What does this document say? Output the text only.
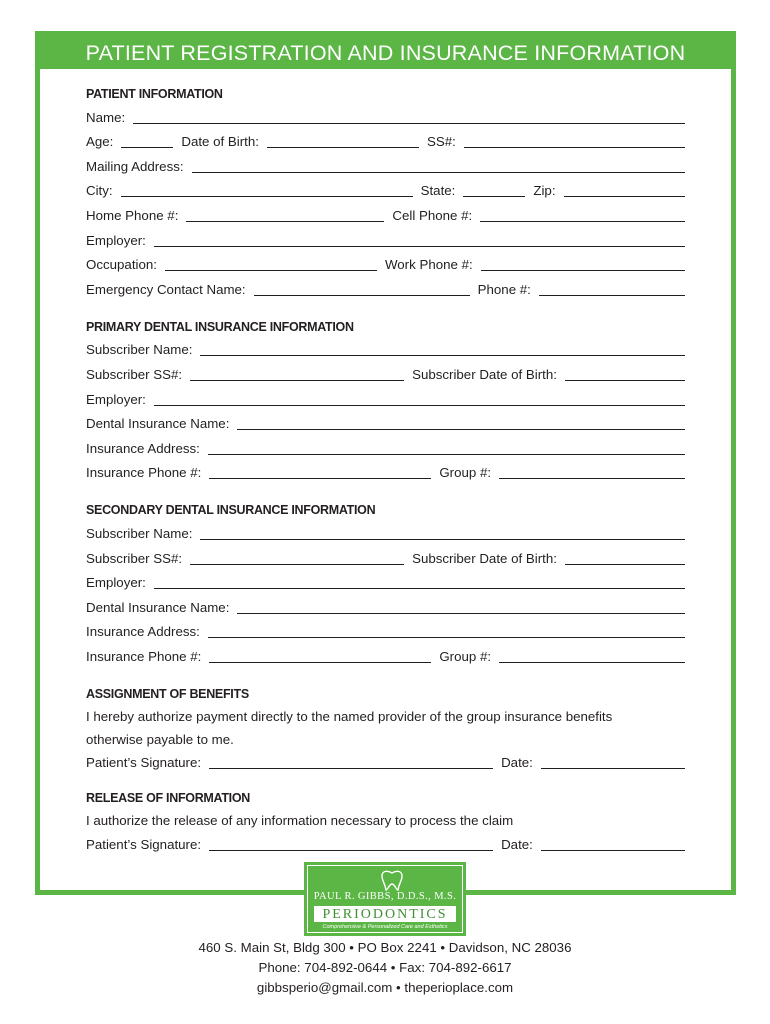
PATIENT REGISTRATION AND INSURANCE INFORMATION
PATIENT INFORMATION
Name:
Age:	Date of Birth:	SS#:
Mailing Address:
City:	State:	Zip:
Home Phone #:	Cell Phone #:
Employer:
Occupation:	Work Phone #:
Emergency Contact Name:	Phone #:
PRIMARY DENTAL INSURANCE INFORMATION
Subscriber Name:
Subscriber SS#:	Subscriber Date of Birth:
Employer:
Dental Insurance Name:
Insurance Address:
Insurance Phone #:	Group #:
SECONDARY DENTAL INSURANCE INFORMATION
Subscriber Name:
Subscriber SS#:	Subscriber Date of Birth:
Employer:
Dental Insurance Name:
Insurance Address:
Insurance Phone #:	Group #:
ASSIGNMENT OF BENEFITS
I hereby authorize payment directly to the named provider of the group insurance benefits
otherwise payable to me.
Patient’s Signature:	Date:
RELEASE OF INFORMATION
I authorize the release of any information necessary to process the claim
Patient’s Signature:	Date:
PAUL R. GIBBS, D.D.S., M.S.
PERIODONTICS
Comprehensive & Personalized Care and Esthetics
460 S. Main St, Bldg 300 • PO Box 2241 • Davidson, NC 28036
Phone: 704-892-0644 • Fax: 704-892-6617
gibbsperio@gmail.com • theperioplace.com
